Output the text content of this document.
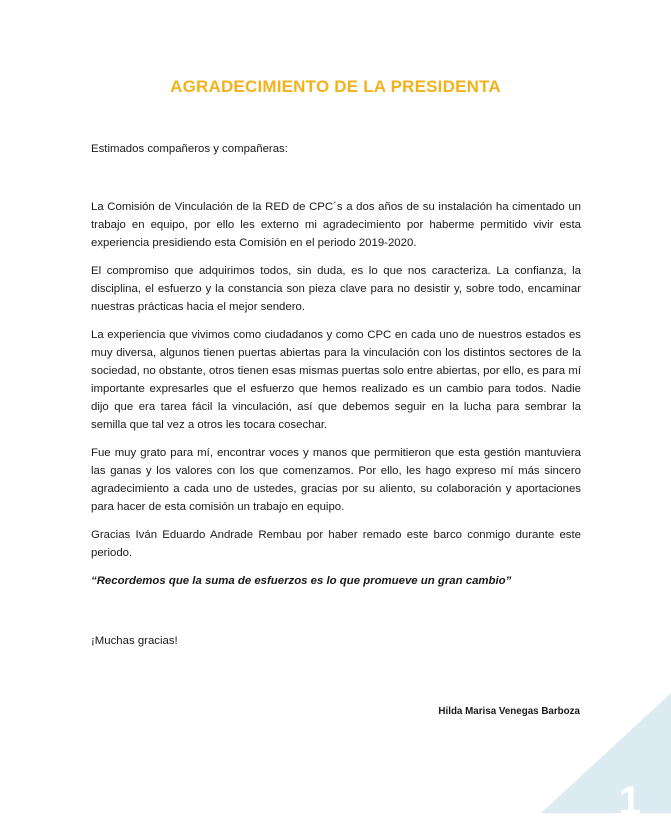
AGRADECIMIENTO DE LA PRESIDENTA

Estimados compañeros y compañeras:

La Comisión de Vinculación de la RED de CPC´s a dos años de su instalación ha cimentado un trabajo en equipo, por ello les externo mi agradecimiento por haberme permitido vivir esta experiencia presidiendo esta Comisión en el periodo 2019-2020.

El compromiso que adquirimos todos, sin duda, es lo que nos caracteriza. La confianza, la disciplina, el esfuerzo y la constancia son pieza clave para no desistir y, sobre todo, encaminar nuestras prácticas hacia el mejor sendero.

La experiencia que vivimos como ciudadanos y como CPC en cada uno de nuestros estados es muy diversa, algunos tienen puertas abiertas para la vinculación con los distintos sectores de la sociedad, no obstante, otros tienen esas mismas puertas solo entre abiertas, por ello, es para mí importante expresarles que el esfuerzo que hemos realizado es un cambio para todos. Nadie dijo que era tarea fácil la vinculación, así que debemos seguir en la lucha para sembrar la semilla que tal vez a otros les tocara cosechar.

Fue muy grato para mí, encontrar voces y manos que permitieron que esta gestión mantuviera las ganas y los valores con los que comenzamos. Por ello, les hago expreso mí más sincero agradecimiento a cada uno de ustedes, gracias por su aliento, su colaboración y aportaciones para hacer de esta comisión un trabajo en equipo.

Gracias Iván Eduardo Andrade Rembau por haber remado este barco conmigo durante este periodo.

“Recordemos que la suma de esfuerzos es lo que promueve un gran cambio”

¡Muchas gracias!

Hilda Marisa Venegas Barboza
1
